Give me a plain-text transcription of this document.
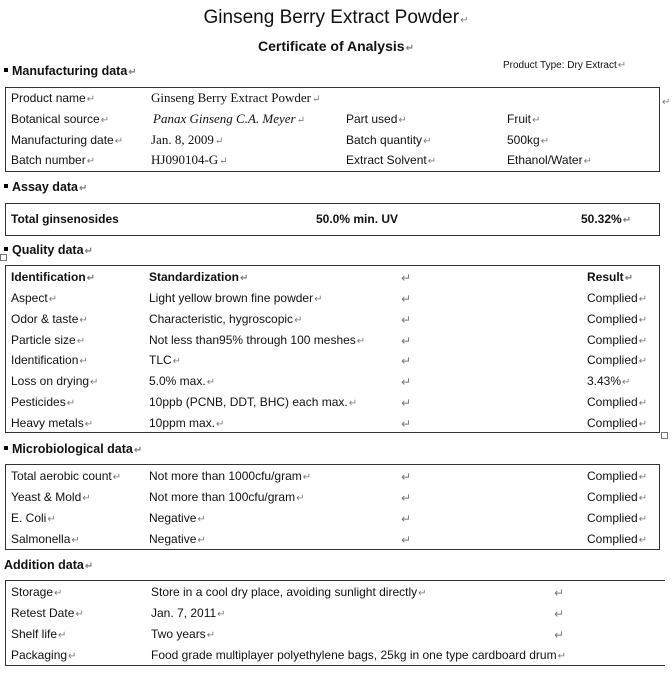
Ginseng Berry Extract Powder↵
Certificate of Analysis↵
Product Type: Dry Extract↵
Manufacturing data↵
Product name↵	Ginseng Berry Extract Powder↵
Botanical source↵	Panax Ginseng C.A. Meyer↵	Part used↵	Fruit↵
Manufacturing date↵ Jan. 8, 2009↵	Batch quantity↵	500kg↵
Batch number↵	HJ090104-G↵	Extract Solvent↵	Ethanol/Water↵
↵
Assay data↵
Total ginsenosides	50.0% min. UV	50.32%↵
Quality data↵
Identification↵	Standardization↵	↵	Result↵
Aspect↵	Light yellow brown fine powder↵	↵	Complied↵
Odor & taste↵	Characteristic, hygroscopic↵	↵	Complied↵
Particle size↵	Not less than95% through 100 meshes↵	↵	Complied↵
Identification↵	TLC↵	↵	Complied↵
Loss on drying↵	5.0% max.↵	↵	3.43%↵
Pesticides↵	10ppb (PCNB, DDT, BHC) each max.↵	↵	Complied↵
Heavy metals↵	10ppm max.↵	↵	Complied↵
Microbiological data↵
Total aerobic count↵ Not more than 1000cfu/gram↵	↵	Complied↵
Yeast & Mold↵	Not more than 100cfu/gram↵	↵	Complied↵
E. Coli↵	Negative↵	↵	Complied↵
Salmonella↵	Negative↵	↵	Complied↵
Addition data↵
Storage↵	Store in a cool dry place, avoiding sunlight directly↵	↵
Retest Date↵	Jan. 7, 2011↵	↵
Shelf life↵	Two years↵	↵
Packaging↵	Food grade multiplayer polyethylene bags, 25kg in one type cardboard drum↵
